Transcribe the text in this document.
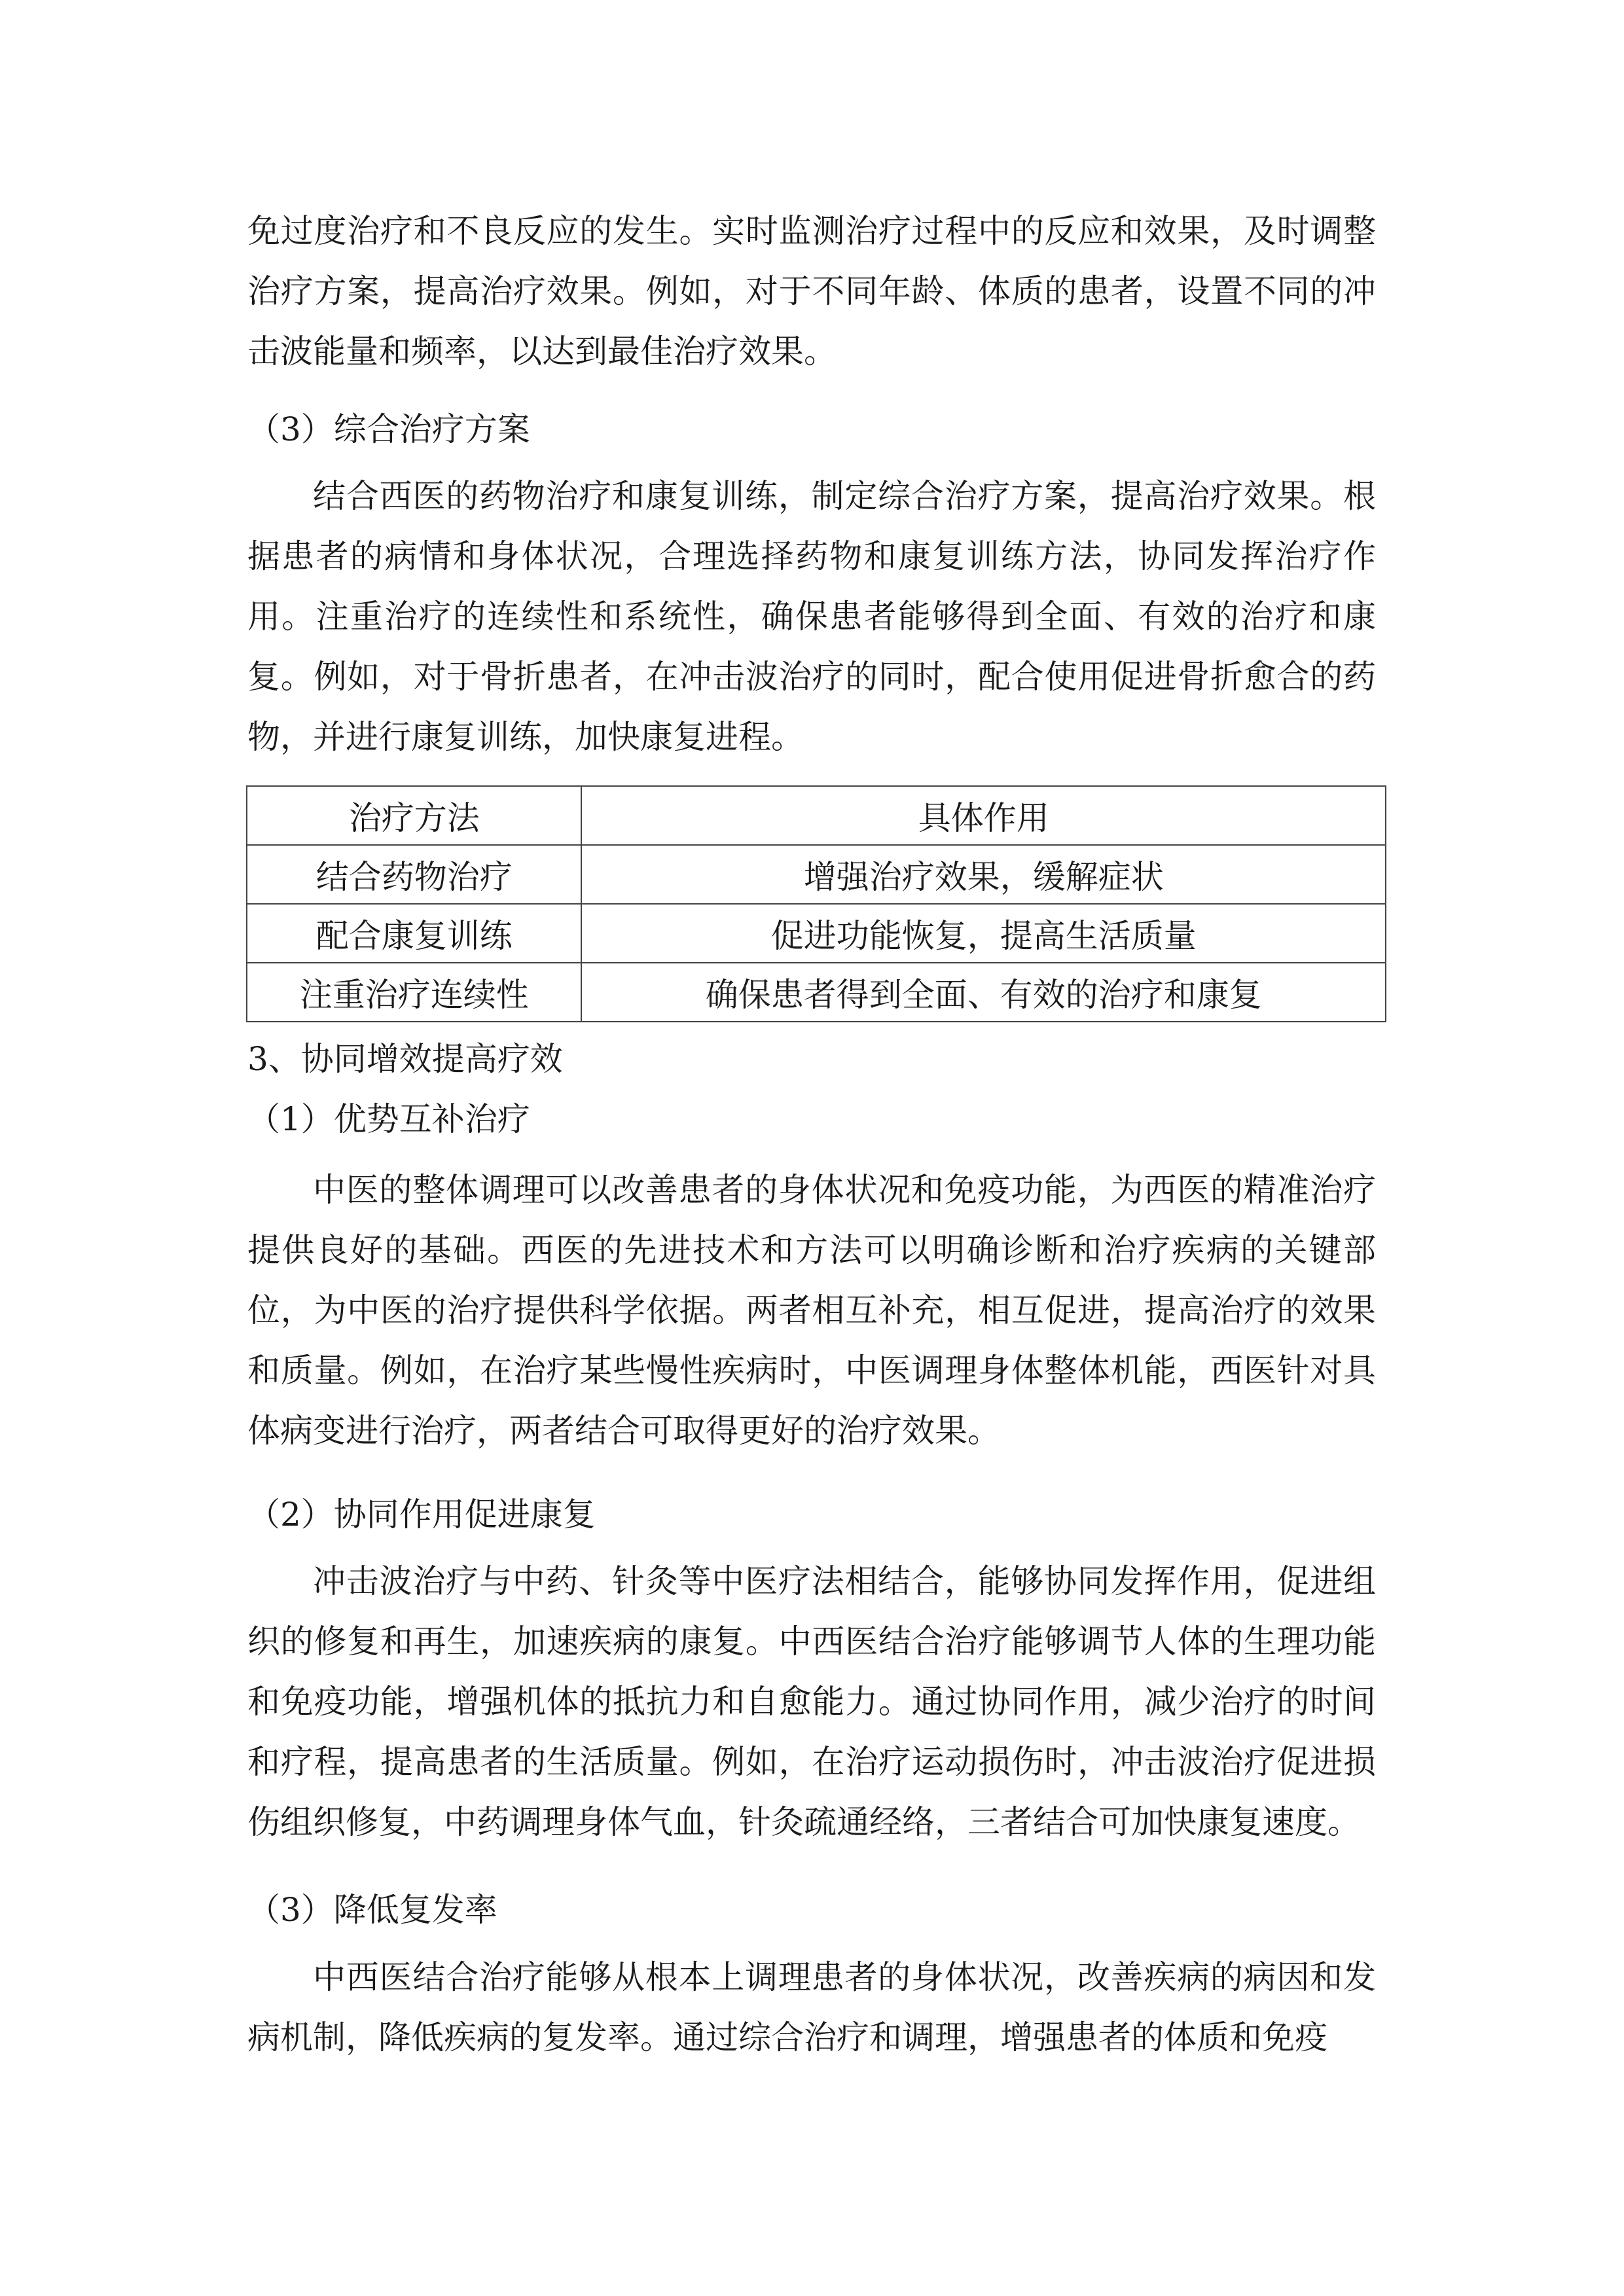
免过度治疗和不良反应的发生。实时监测治疗过程中的反应和效果，及时调整治疗方案，提高治疗效果。例如，对于不同年龄、体质的患者，设置不同的冲击波能量和频率，以达到最佳治疗效果。

（3）综合治疗方案

结合西医的药物治疗和康复训练，制定综合治疗方案，提高治疗效果。根据患者的病情和身体状况，合理选择药物和康复训练方法，协同发挥治疗作用。注重治疗的连续性和系统性，确保患者能够得到全面、有效的治疗和康复。例如，对于骨折患者，在冲击波治疗的同时，配合使用促进骨折愈合的药物，并进行康复训练，加快康复进程。

治疗方法	具体作用
结合药物治疗	增强治疗效果，缓解症状
配合康复训练	促进功能恢复，提高生活质量
注重治疗连续性	确保患者得到全面、有效的治疗和康复

3、协同增效提高疗效

（1）优势互补治疗

中医的整体调理可以改善患者的身体状况和免疫功能，为西医的精准治疗提供良好的基础。西医的先进技术和方法可以明确诊断和治疗疾病的关键部位，为中医的治疗提供科学依据。两者相互补充，相互促进，提高治疗的效果和质量。例如，在治疗某些慢性疾病时，中医调理身体整体机能，西医针对具体病变进行治疗，两者结合可取得更好的治疗效果。

（2）协同作用促进康复

冲击波治疗与中药、针灸等中医疗法相结合，能够协同发挥作用，促进组织的修复和再生，加速疾病的康复。中西医结合治疗能够调节人体的生理功能和免疫功能，增强机体的抵抗力和自愈能力。通过协同作用，减少治疗的时间和疗程，提高患者的生活质量。例如，在治疗运动损伤时，冲击波治疗促进损伤组织修复，中药调理身体气血，针灸疏通经络，三者结合可加快康复速度。

（3）降低复发率

中西医结合治疗能够从根本上调理患者的身体状况，改善疾病的病因和发病机制，降低疾病的复发率。通过综合治疗和调理，增强患者的体质和免疫
